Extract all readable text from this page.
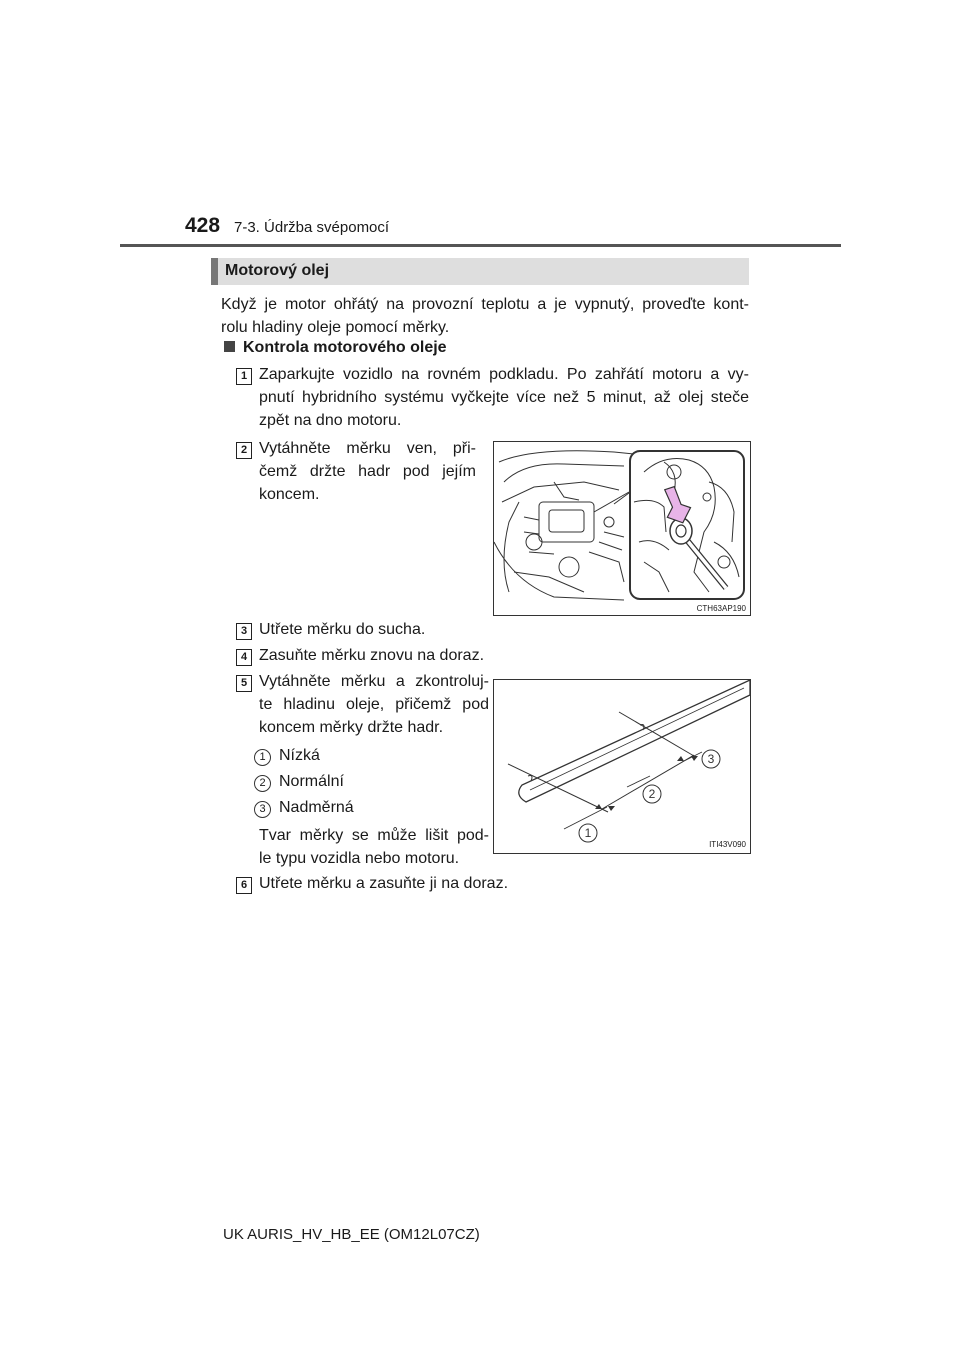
428 7-3. Údržba svépomocí
Motorový olej
Když je motor ohřátý na provozní teplotu a je vypnutý, proveďte kont-
rolu hladiny oleje pomocí měrky.
Kontrola motorového oleje
1 Zaparkujte vozidlo na rovném podkladu. Po zahřátí motoru a vy-
pnutí hybridního systému vyčkejte více než 5 minut, až olej steče
zpět na dno motoru.
2 Vytáhněte měrku ven, při-
čemž držte hadr pod jejím
koncem.
CTH63AP190
3 Utřete měrku do sucha.
4 Zasuňte měrku znovu na doraz.
5 Vytáhněte měrku a zkontroluj-
te hladinu oleje, přičemž pod
koncem měrky držte hadr.
1 Nízká
2 Normální
3 Nadměrná
Tvar měrky se může lišit pod-
le typu vozidla nebo motoru.
1
2
3
ITI43V090
6 Utřete měrku a zasuňte ji na doraz.
UK AURIS_HV_HB_EE (OM12L07CZ)
